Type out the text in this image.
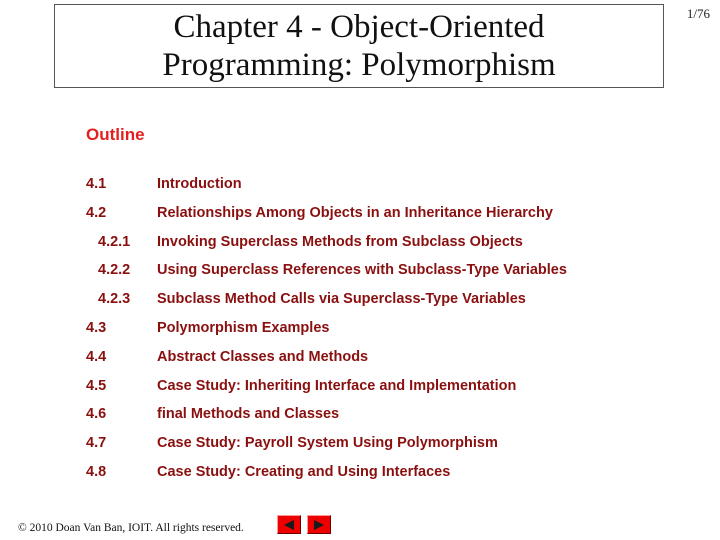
Chapter 4 - Object-Oriented
Programming: Polymorphism
1/76
Outline
4.1	Introduction
4.2	Relationships Among Objects in an Inheritance Hierarchy
4.2.1 Invoking Superclass Methods from Subclass Objects
4.2.2 Using Superclass References with Subclass-Type Variables
4.2.3 Subclass Method Calls via Superclass-Type Variables
4.3	Polymorphism Examples
4.4	Abstract Classes and Methods
4.5	Case Study: Inheriting Interface and Implementation
4.6	final Methods and Classes
4.7	Case Study: Payroll System Using Polymorphism
4.8	Case Study: Creating and Using Interfaces
© 2010 Doan Van Ban, IOIT. All rights reserved.
